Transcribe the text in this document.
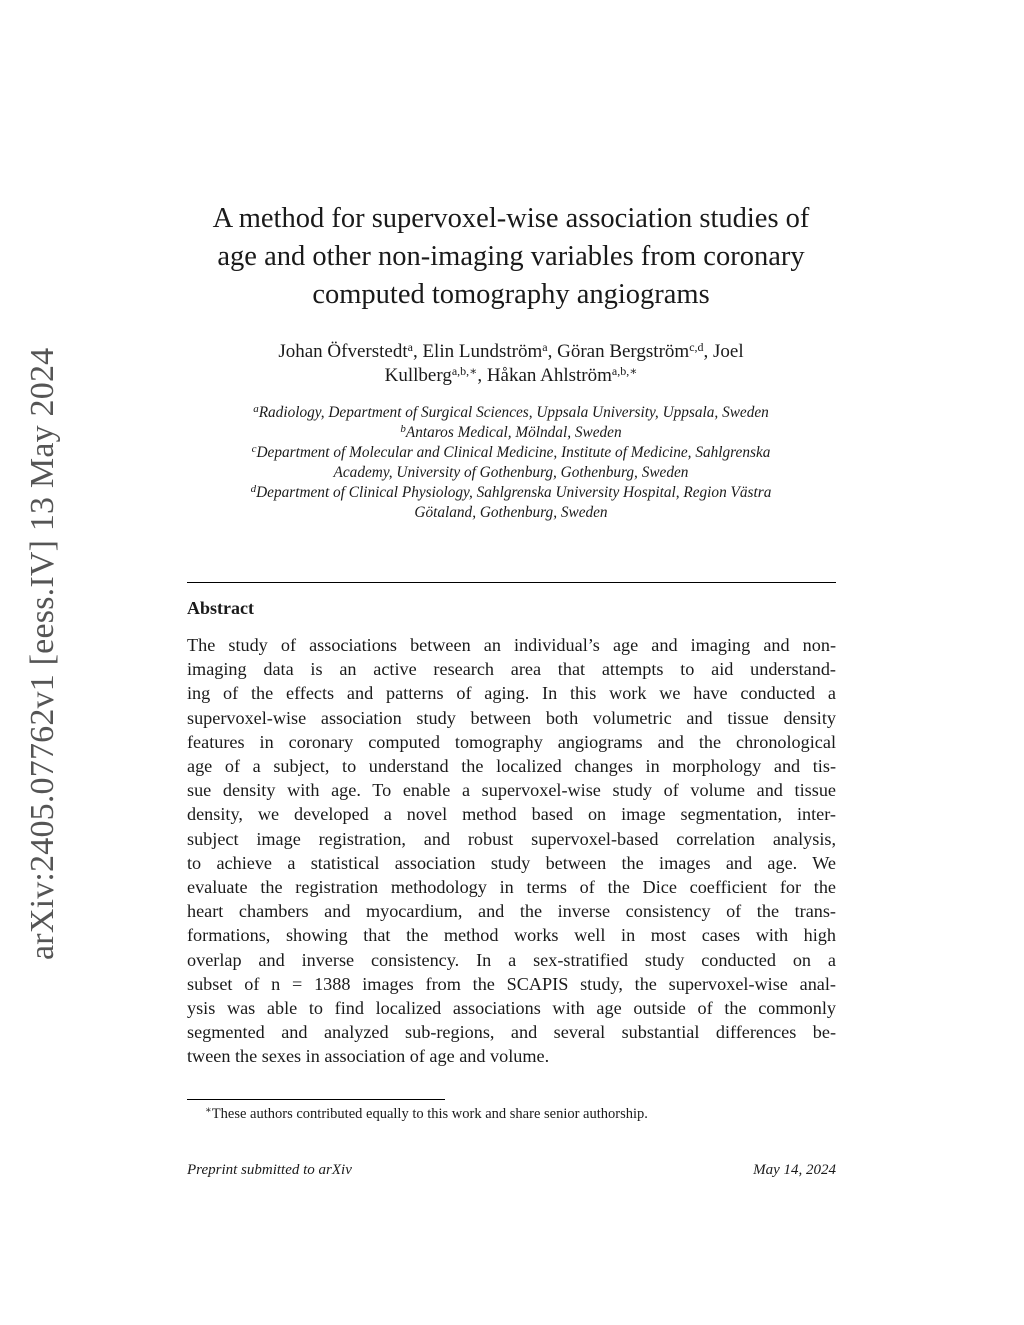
arXiv:2405.07762v1 [eess.IV] 13 May 2024
A method for supervoxel-wise association studies of
age and other non-imaging variables from coronary
computed tomography angiograms
Johan Öfverstedt$^a$, Elin Lundström$^a$, Göran Bergström$^{c,d}$, Joel
Kullberg$^{a,b,∗}$, Håkan Ahlström$^{a,b,∗}$
$^a$Radiology, Department of Surgical Sciences, Uppsala University, Uppsala, Sweden
$^b$Antaros Medical, Mölndal, Sweden
$^c$Department of Molecular and Clinical Medicine, Institute of Medicine, Sahlgrenska
Academy, University of Gothenburg, Gothenburg, Sweden
$^d$Department of Clinical Physiology, Sahlgrenska University Hospital, Region Västra
Götaland, Gothenburg, Sweden
Abstract
The study of associations between an individual’s age and imaging and non-
imaging data is an active research area that attempts to aid understand-
ing of the effects and patterns of aging. In this work we have conducted a
supervoxel-wise association study between both volumetric and tissue density
features in coronary computed tomography angiograms and the chronological
age of a subject, to understand the localized changes in morphology and tis-
sue density with age. To enable a supervoxel-wise study of volume and tissue
density, we developed a novel method based on image segmentation, inter-
subject image registration, and robust supervoxel-based correlation analysis,
to achieve a statistical association study between the images and age. We
evaluate the registration methodology in terms of the Dice coefficient for the
heart chambers and myocardium, and the inverse consistency of the trans-
formations, showing that the method works well in most cases with high
overlap and inverse consistency. In a sex-stratified study conducted on a
subset of n = 1388 images from the SCAPIS study, the supervoxel-wise anal-
ysis was able to find localized associations with age outside of the commonly
segmented and analyzed sub-regions, and several substantial differences be-
tween the sexes in association of age and volume.
∗These authors contributed equally to this work and share senior authorship.
Preprint submitted to arXiv	May 14, 2024
